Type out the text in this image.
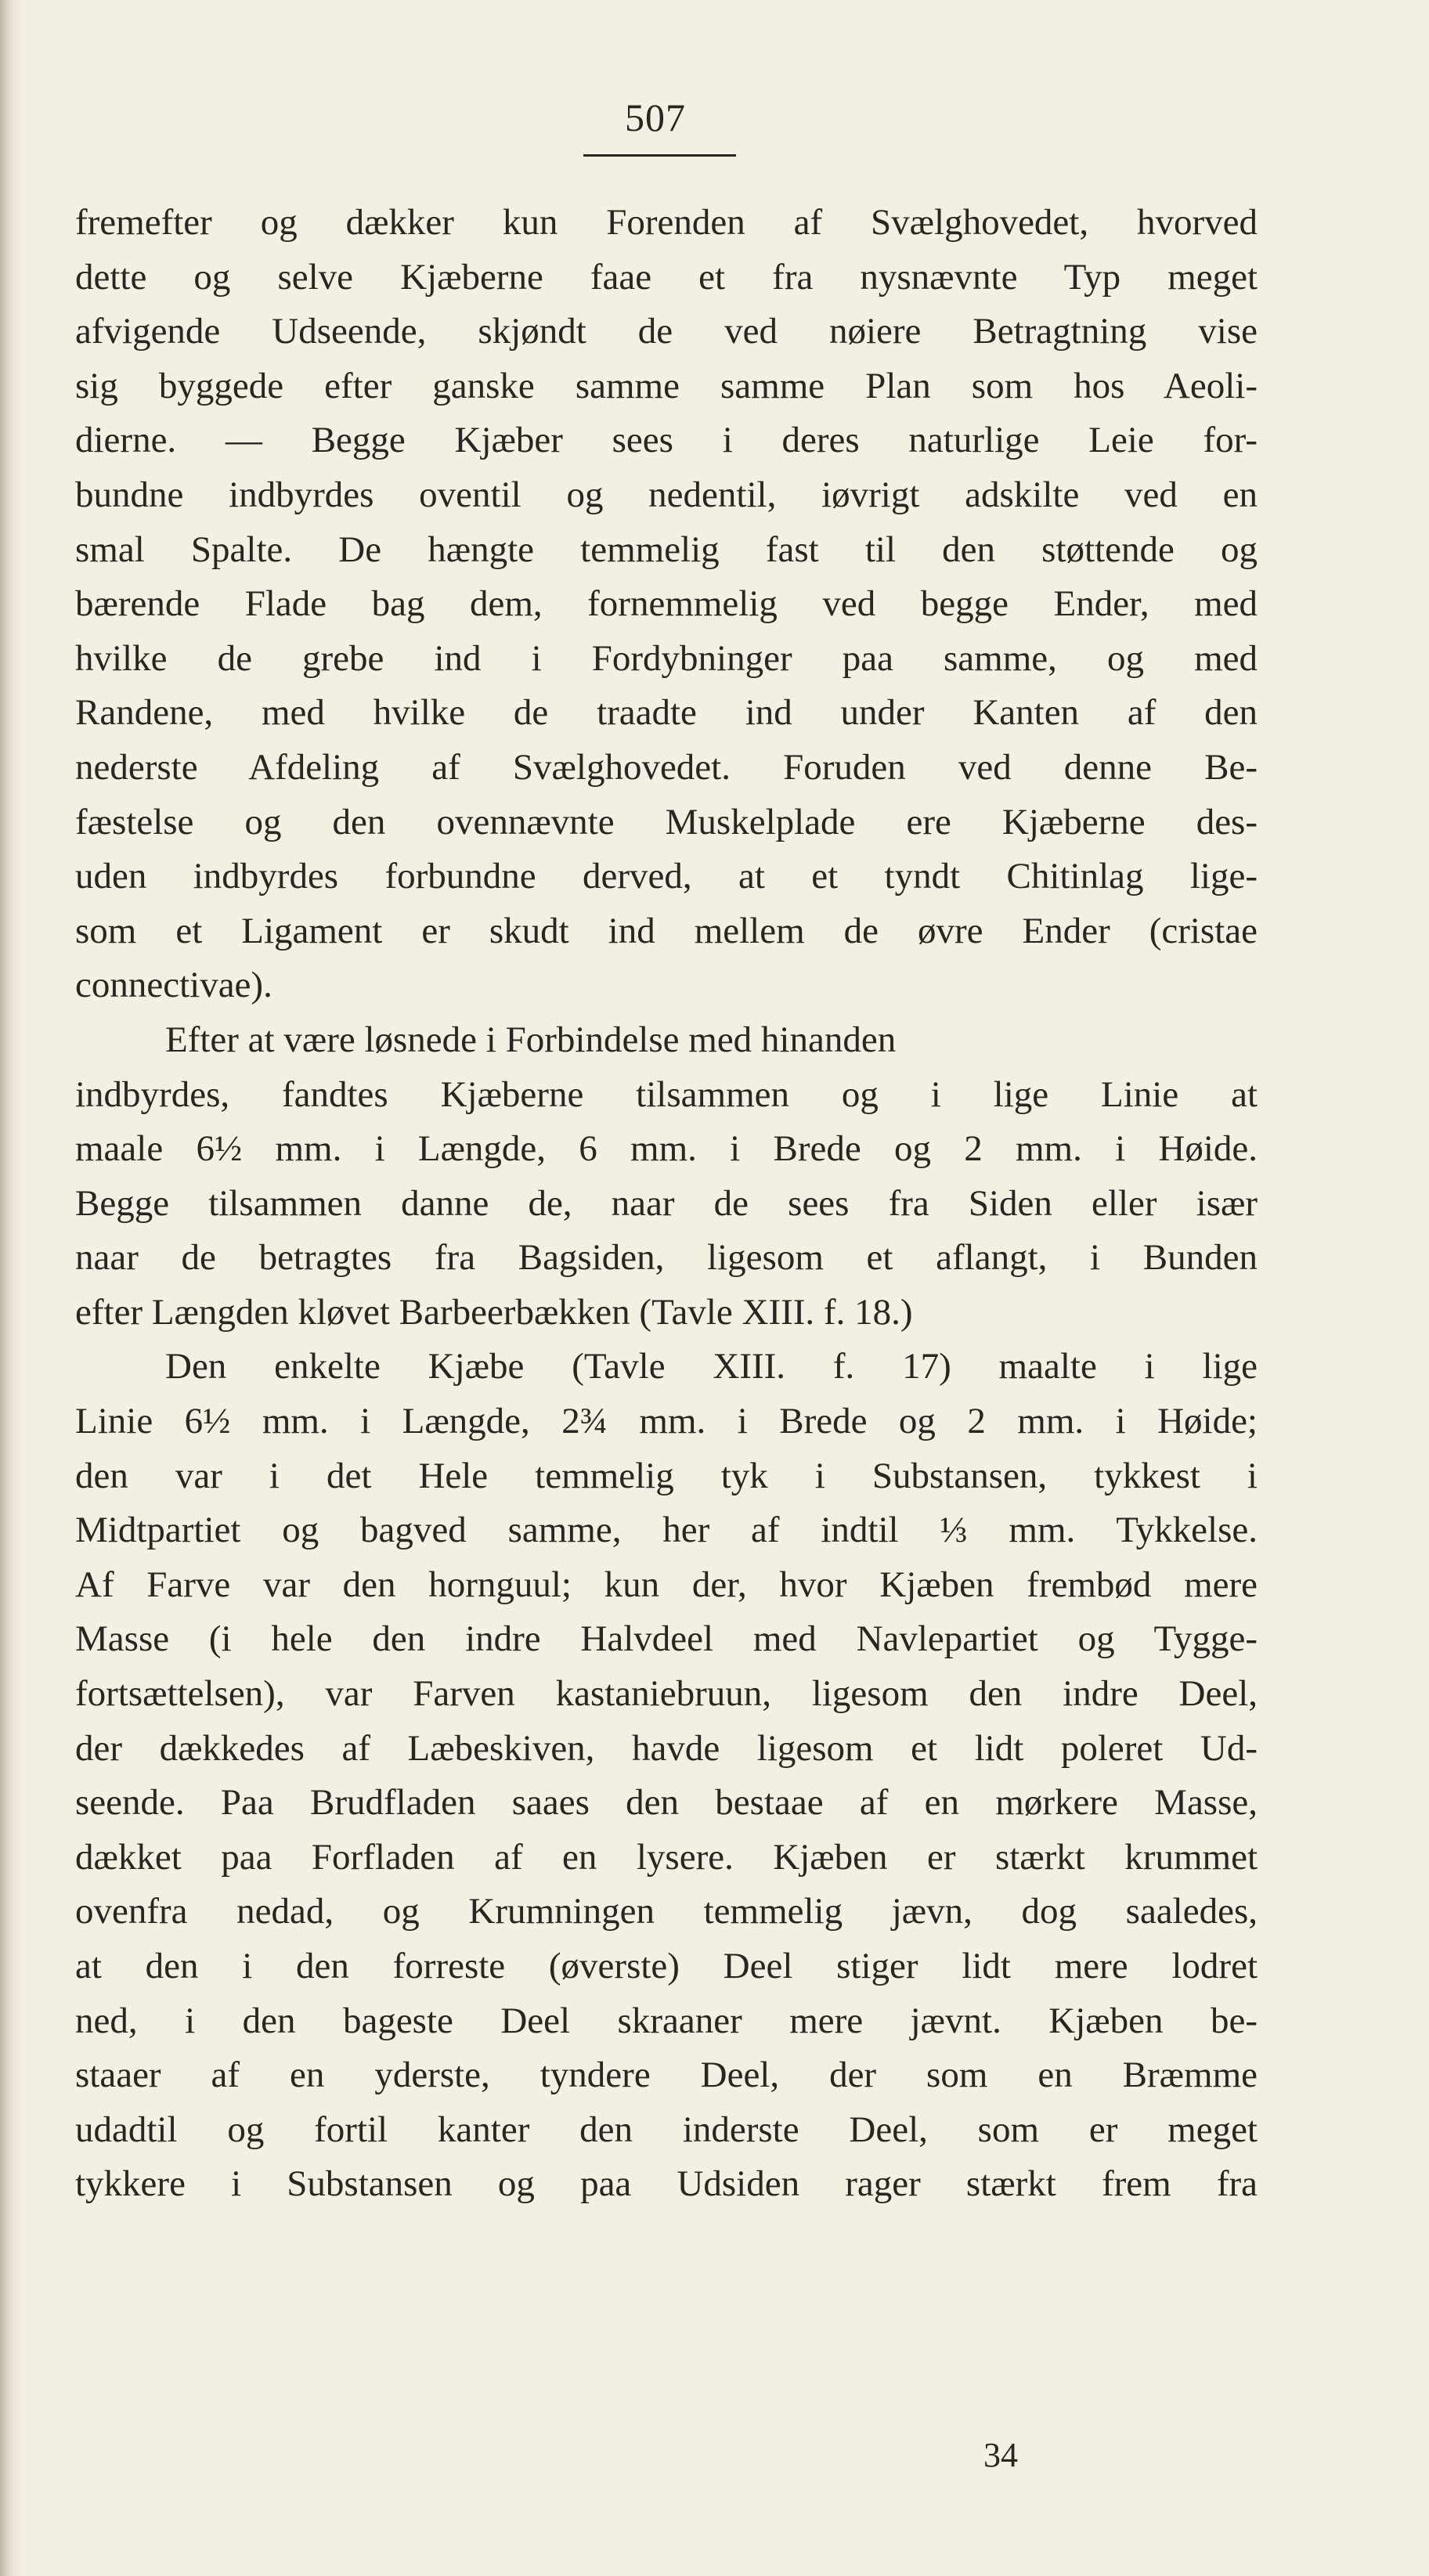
507
fremefter og dækker kun Forenden af Svælghovedet, hvorved
dette og selve Kjæberne faae et fra nysnævnte Typ meget
afvigende Udseende, skjøndt de ved nøiere Betragtning vise
sig byggede efter ganske samme samme Plan som hos Aeoli-
dierne. — Begge Kjæber sees i deres naturlige Leie for-
bundne indbyrdes oventil og nedentil, iøvrigt adskilte ved en
smal Spalte. De hængte temmelig fast til den støttende og
bærende Flade bag dem, fornemmelig ved begge Ender, med
hvilke de grebe ind i Fordybninger paa samme, og med
Randene, med hvilke de traadte ind under Kanten af den
nederste Afdeling af Svælghovedet. Foruden ved denne Be-
fæstelse og den ovennævnte Muskelplade ere Kjæberne des-
uden indbyrdes forbundne derved, at et tyndt Chitinlag lige-
som et Ligament er skudt ind mellem de øvre Ender (cristae
connectivae).
Efter at være løsnede i Forbindelse med hinanden
indbyrdes, fandtes Kjæberne tilsammen og i lige Linie at
maale 6½ mm. i Længde, 6 mm. i Brede og 2 mm. i Høide.
Begge tilsammen danne de, naar de sees fra Siden eller især
naar de betragtes fra Bagsiden, ligesom et aflangt, i Bunden
efter Længden kløvet Barbeerbækken (Tavle XIII. f. 18.)
Den enkelte Kjæbe (Tavle XIII. f. 17) maalte i lige
Linie 6½ mm. i Længde, 2¾ mm. i Brede og 2 mm. i Høide;
den var i det Hele temmelig tyk i Substansen, tykkest i
Midtpartiet og bagved samme, her af indtil ⅓ mm. Tykkelse.
Af Farve var den hornguul; kun der, hvor Kjæben frembød mere
Masse (i hele den indre Halvdeel med Navlepartiet og Tygge-
fortsættelsen), var Farven kastaniebruun, ligesom den indre Deel,
der dækkedes af Læbeskiven, havde ligesom et lidt poleret Ud-
seende. Paa Brudfladen saaes den bestaae af en mørkere Masse,
dækket paa Forfladen af en lysere. Kjæben er stærkt krummet
ovenfra nedad, og Krumningen temmelig jævn, dog saaledes,
at den i den forreste (øverste) Deel stiger lidt mere lodret
ned, i den bageste Deel skraaner mere jævnt. Kjæben be-
staaer af en yderste, tyndere Deel, der som en Bræmme
udadtil og fortil kanter den inderste Deel, som er meget
tykkere i Substansen og paa Udsiden rager stærkt frem fra
34
